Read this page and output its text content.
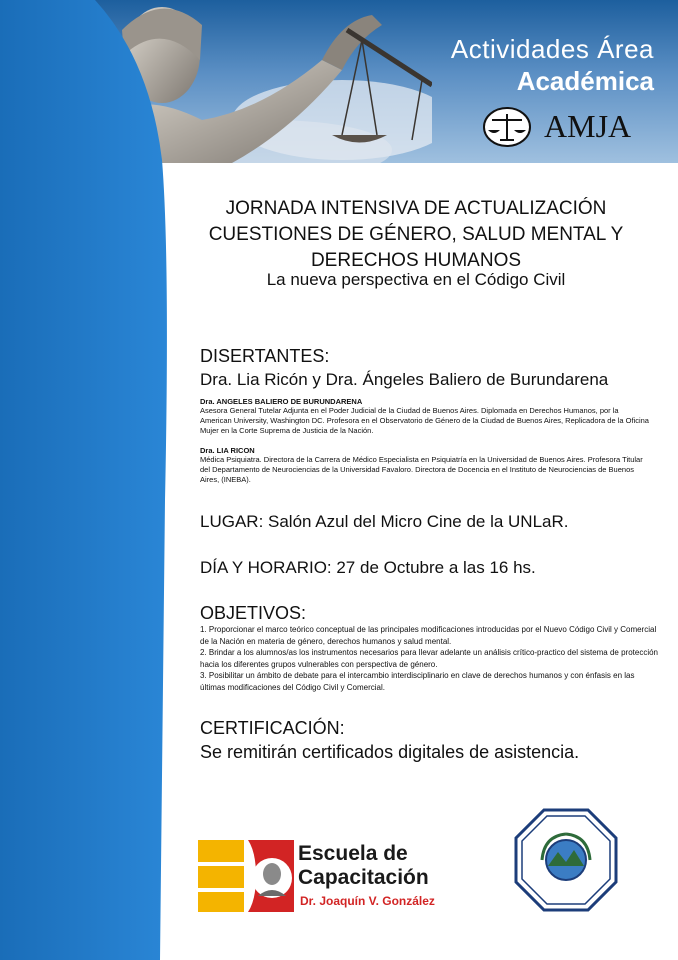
Actividades Área
Académica
AMJA
JORNADA INTENSIVA DE ACTUALIZACIÓN
CUESTIONES DE GÉNERO, SALUD MENTAL Y
DERECHOS HUMANOS
La nueva perspectiva en el Código Civil
DISERTANTES:
Dra. Lia Ricón y Dra. Ángeles Baliero de Burundarena
Dra. ANGELES BALIERO DE BURUNDARENA
Asesora General Tutelar Adjunta en el Poder Judicial de la Ciudad de Buenos Aires. Diplomada en Derechos Humanos, por la American University, Washington DC. Profesora en el Observatorio de Género de la Ciudad de Buenos Aires, Replicadora de la Oficina Mujer en la Corte Suprema de Justicia de la Nación.
Dra. LIA RICON
Médica Psiquiatra. Directora de la Carrera de Médico Especialista en Psiquiatría en la Universidad de Buenos Aires. Profesora Titular del Departamento de Neurociencias de la Universidad Favaloro. Directora de Docencia en el Instituto de Neurociencias de Buenos Aires, (INEBA).
LUGAR: Salón Azul del Micro Cine de la UNLaR.
DÍA Y HORARIO: 27 de Octubre a las 16 hs.
OBJETIVOS:
1. Proporcionar el marco teórico conceptual de las principales modificaciones introducidas por el Nuevo Código Civil y Comercial de la Nación en materia de género, derechos humanos y salud mental.
2. Brindar a los alumnos/as los instrumentos necesarios para llevar adelante un análisis crítico-practico del sistema de protección hacia los diferentes grupos vulnerables con perspectiva de género.
3. Posibilitar un ámbito de debate para el intercambio interdisciplinario en clave de derechos humanos y con énfasis en las últimas modificaciones del Código Civil y Comercial.
CERTIFICACIÓN:
Se remitirán certificados digitales de asistencia.
Escuela de
Capacitación
Dr. Joaquín V. González
